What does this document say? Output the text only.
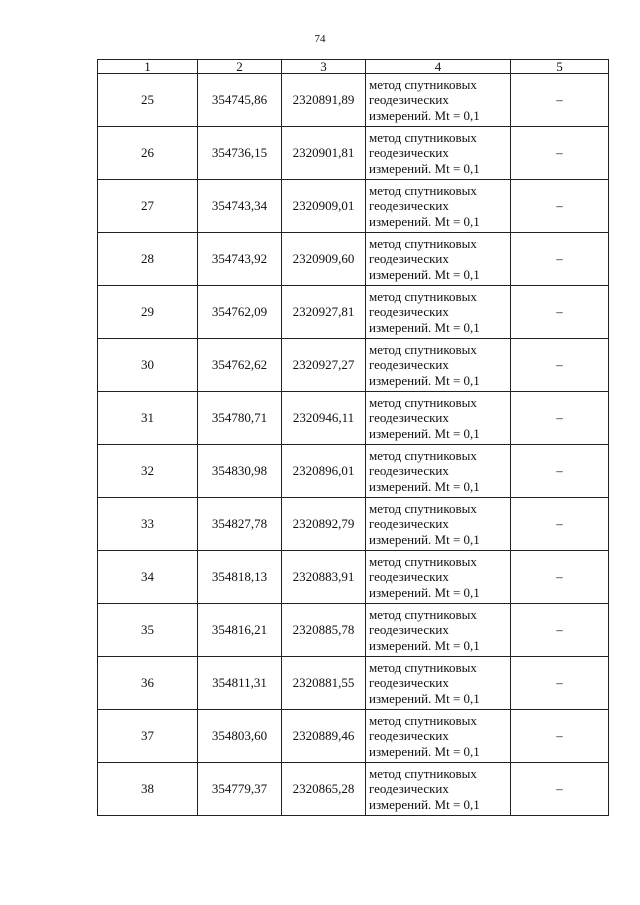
74
1	2	3	4	5
25	354745,86	2320891,89	метод спутниковых
геодезических
измерений. Mt = 0,1	–
26	354736,15	2320901,81	метод спутниковых
геодезических
измерений. Mt = 0,1	–
27	354743,34	2320909,01	метод спутниковых
геодезических
измерений. Mt = 0,1	–
28	354743,92	2320909,60	метод спутниковых
геодезических
измерений. Mt = 0,1	–
29	354762,09	2320927,81	метод спутниковых
геодезических
измерений. Mt = 0,1	–
30	354762,62	2320927,27	метод спутниковых
геодезических
измерений. Mt = 0,1	–
31	354780,71	2320946,11	метод спутниковых
геодезических
измерений. Mt = 0,1	–
32	354830,98	2320896,01	метод спутниковых
геодезических
измерений. Mt = 0,1	–
33	354827,78	2320892,79	метод спутниковых
геодезических
измерений. Mt = 0,1	–
34	354818,13	2320883,91	метод спутниковых
геодезических
измерений. Mt = 0,1	–
35	354816,21	2320885,78	метод спутниковых
геодезических
измерений. Mt = 0,1	–
36	354811,31	2320881,55	метод спутниковых
геодезических
измерений. Mt = 0,1	–
37	354803,60	2320889,46	метод спутниковых
геодезических
измерений. Mt = 0,1	–
38	354779,37	2320865,28	метод спутниковых
геодезических
измерений. Mt = 0,1	–
